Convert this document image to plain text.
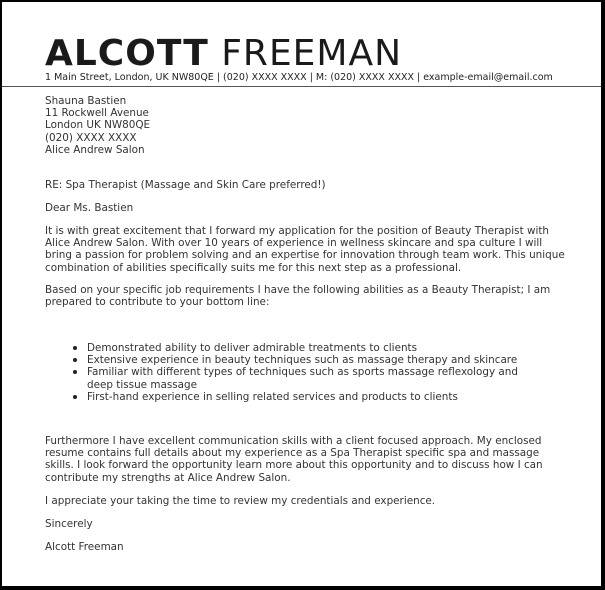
ALCOTT FREEMAN
1 Main Street, London, UK NW80QE | (020) XXXX XXXX | M: (020) XXXX XXXX | example-email@email.com

Shauna Bastien

11 Rockwell Avenue

London UK NW80QE

(020) XXXX XXXX

Alice Andrew Salon

RE: Spa Therapist (Massage and Skin Care preferred!)
Dear Ms. Bastien
It is with great excitement that I forward my application for the position of Beauty Therapist with Alice Andrew Salon. With over 10 years of experience in wellness skincare and spa culture I will bring a passion for problem solving and an expertise for innovation through team work. This unique combination of abilities specifically suits me for this next step as a professional.
Based on your specific job requirements I have the following abilities as a Beauty Therapist; I am prepared to contribute to your bottom line:
Demonstrated ability to deliver admirable treatments to clients
Extensive experience in beauty techniques such as massage therapy and skincare
Familiar with different types of techniques such as sports massage reflexology and deep tissue massage
First-hand experience in selling related services and products to clients
Furthermore I have excellent communication skills with a client focused approach. My enclosed resume contains full details about my experience as a Spa Therapist specific spa and massage skills. I look forward the opportunity learn more about this opportunity and to discuss how I can contribute my strengths at Alice Andrew Salon.
I appreciate your taking the time to review my credentials and experience.
Sincerely
Alcott Freeman
